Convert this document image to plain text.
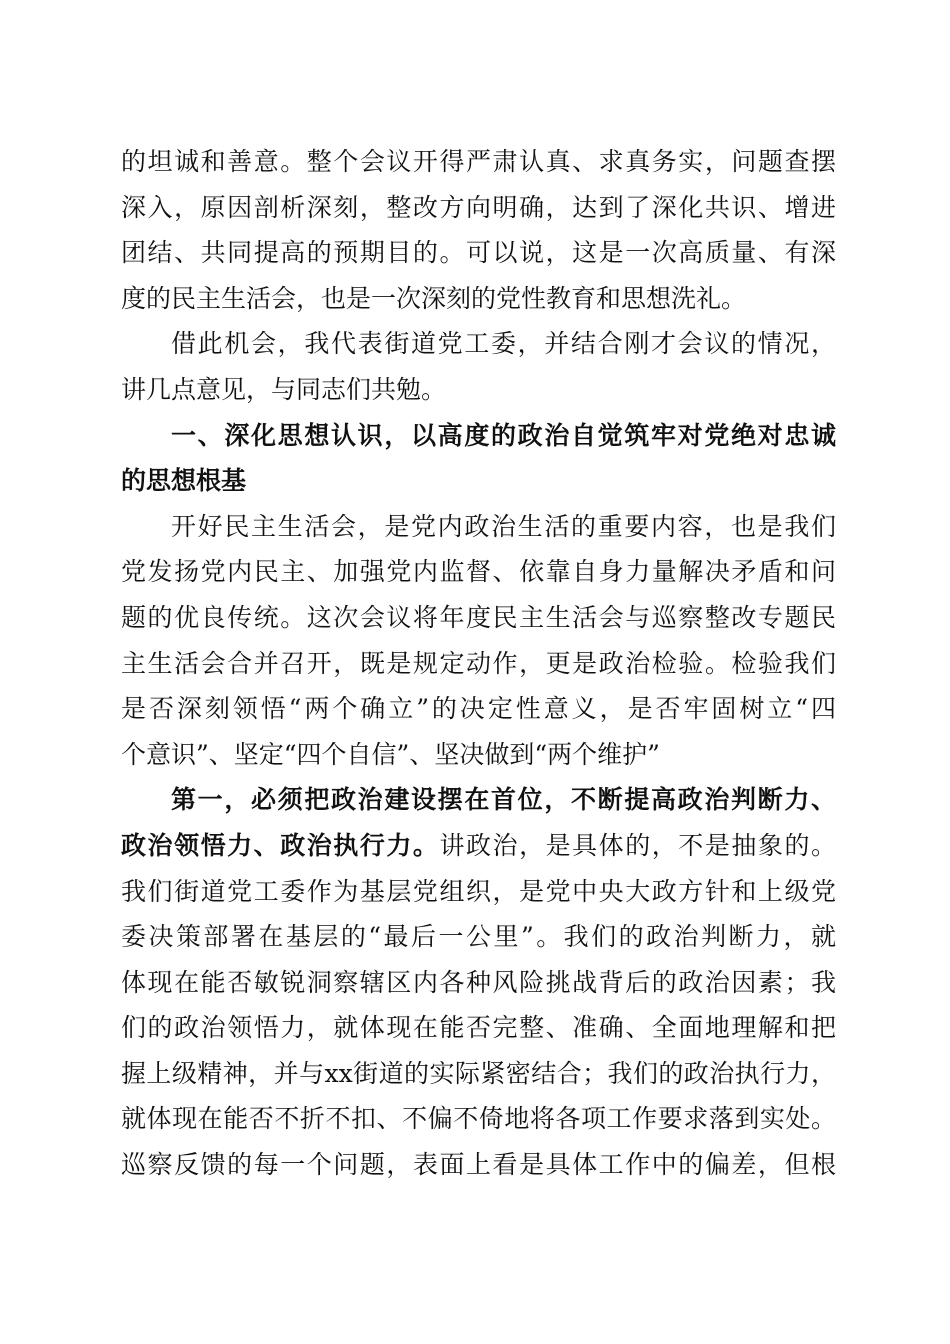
的坦诚和善意。整个会议开得严肃认真、求真务实，问题查摆
深入，原因剖析深刻，整改方向明确，达到了深化共识、增进
团结、共同提高的预期目的。可以说，这是一次高质量、有深
度的民主生活会，也是一次深刻的党性教育和思想洗礼。
借此机会，我代表街道党工委，并结合刚才会议的情况，
讲几点意见，与同志们共勉。
一、深化思想认识，以高度的政治自觉筑牢对党绝对忠诚
的思想根基
开好民主生活会，是党内政治生活的重要内容，也是我们
党发扬党内民主、加强党内监督、依靠自身力量解决矛盾和问
题的优良传统。这次会议将年度民主生活会与巡察整改专题民
主生活会合并召开，既是规定动作，更是政治检验。检验我们
是否深刻领悟“两个确立”的决定性意义，是否牢固树立“四
个意识”、坚定“四个自信”、坚决做到“两个维护”
第一，必须把政治建设摆在首位，不断提高政治判断力、
政治领悟力、政治执行力。讲政治，是具体的，不是抽象的。
我们街道党工委作为基层党组织，是党中央大政方针和上级党
委决策部署在基层的“最后一公里”。我们的政治判断力，就
体现在能否敏锐洞察辖区内各种风险挑战背后的政治因素；我
们的政治领悟力，就体现在能否完整、准确、全面地理解和把
握上级精神，并与xx街道的实际紧密结合；我们的政治执行力，
就体现在能否不折不扣、不偏不倚地将各项工作要求落到实处。
巡察反馈的每一个问题，表面上看是具体工作中的偏差，但根
